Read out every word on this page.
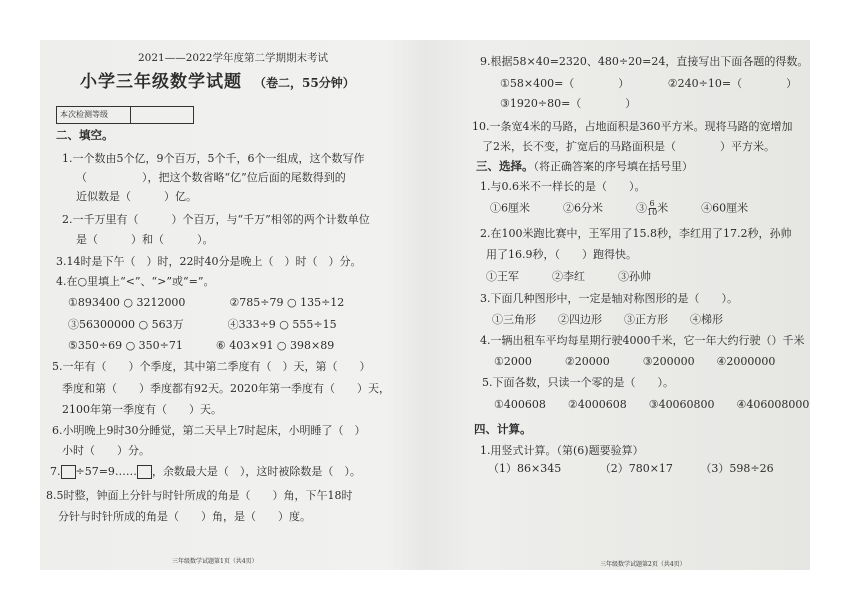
2021——2022学年度第二学期期末考试
小学三年级数学试题 （卷二，55分钟）
本次检测等级
二、填空。
1.一个数由5个亿，9个百万，5个千，6个一组成，这个数写作
（　　　　　），把这个数省略“亿”位后面的尾数得到的
近似数是（　　　）亿。
2.一千万里有（　　　）个百万，与“千万”相邻的两个计数单位
是（　　　）和（　　　）。
3.14时是下午（　）时，22时40分是晚上（　）时（　）分。
4.在○里填上“<”、“>”或“=”。
①893400 ○ 3212000　　　　②785÷79 ○ 135÷12
③56300000 ○ 563万　　　　④333÷9 ○ 555÷15
⑤350÷69 ○ 350÷71　　　⑥ 403×91 ○ 398×89
5.一年有（　　）个季度，其中第二季度有（　）天，第（　　）
季度和第（　　）季度都有92天。2020年第一季度有（　　）天，
2100年第一季度有（　　）天。
6.小明晚上9时30分睡觉，第二天早上7时起床，小明睡了（　）
小时（　　）分。
7. ÷57=9…… ，余数最大是（　），这时被除数是（　）。
8.5时整，钟面上分针与时针所成的角是（　　）角，下午18时
分针与时针所成的角是（　　）角，是（　　）度。
三年级数学试题第1页（共4页）
9.根据58×40=2320、480÷20=24，直接写出下面各题的得数。
①58×400=（　　　　）　　　　②240÷10=（　　　　）
③1920÷80=（　　　　）
10.一条宽4米的马路，占地面积是360平方米。现将马路的宽增加
了2米，长不变，扩宽后的马路面积是（　　　　）平方米。
三、选择。（将正确答案的序号填在括号里）
1.与0.6米不一样长的是（　　）。
①6厘米　　　②6分米　　　③ $\frac{6}{10}$ 米　　　④60厘米
2.在100米跑比赛中，王军用了15.8秒，李红用了17.2秒，孙帅
用了16.9秒，（　　）跑得快。
①王军　　　②李红　　　③孙帅
3.下面几种图形中，一定是轴对称图形的是（　　）。
①三角形　　②四边形　　③正方形　　④梯形
4.一辆出租车平均每星期行驶4000千米，它一年大约行驶（）千米
①2000　　　②20000　　　③200000　　④2000000
5.下面各数，只读一个零的是（　　）。
①400608　　②4000608　　③40060800　　④406008000
四、计算。
1.用竖式计算。（第(6)题要验算）
（1）86×345　　　　（2）780×17　　　（3）598÷26
三年级数学试题第2页（共4页）
